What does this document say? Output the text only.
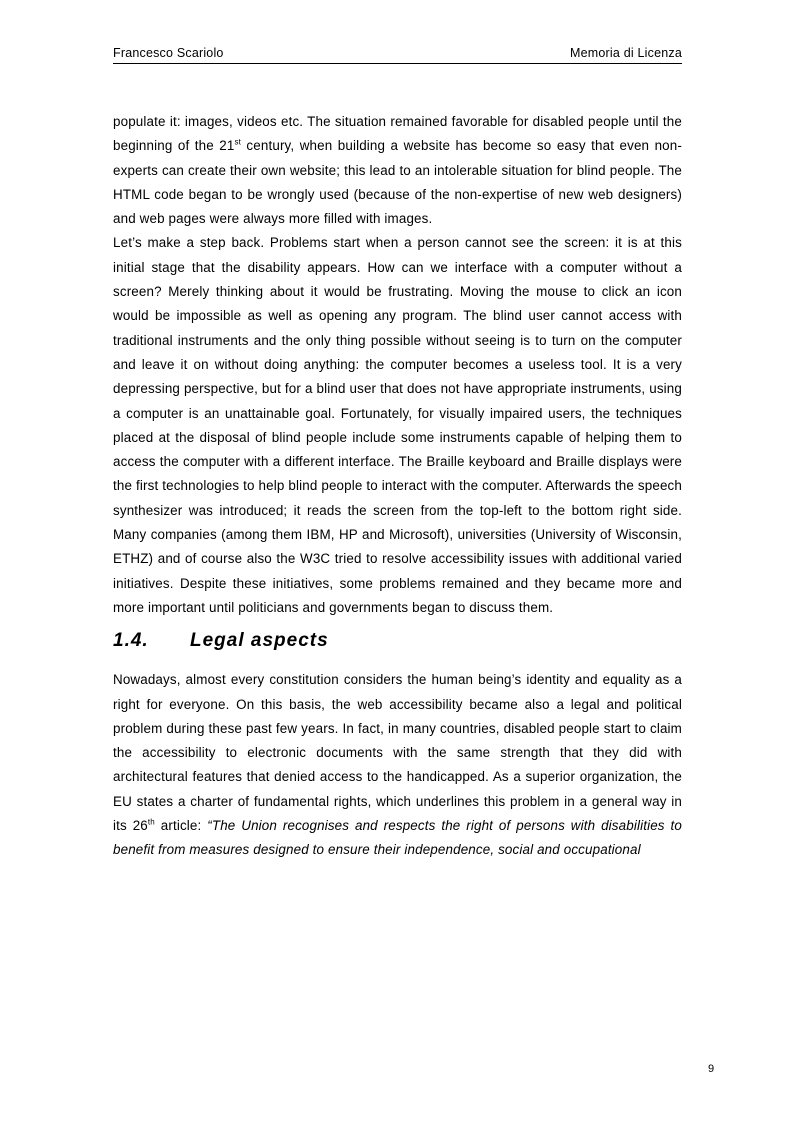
Francesco Scariolo	Memoria di Licenza

populate it: images, videos etc. The situation remained favorable for disabled people until the beginning of the 21st century, when building a website has become so easy that even non-experts can create their own website; this lead to an intolerable situation for blind people. The HTML code began to be wrongly used (because of the non-expertise of new web designers) and web pages were always more filled with images.

Let’s make a step back. Problems start when a person cannot see the screen: it is at this initial stage that the disability appears. How can we interface with a computer without a screen? Merely thinking about it would be frustrating. Moving the mouse to click an icon would be impossible as well as opening any program. The blind user cannot access with traditional instruments and the only thing possible without seeing is to turn on the computer and leave it on without doing anything: the computer becomes a useless tool. It is a very depressing perspective, but for a blind user that does not have appropriate instruments, using a computer is an unattainable goal. Fortunately, for visually impaired users, the techniques placed at the disposal of blind people include some instruments capable of helping them to access the computer with a different interface. The Braille keyboard and Braille displays were the first technologies to help blind people to interact with the computer. Afterwards the speech synthesizer was introduced; it reads the screen from the top-left to the bottom right side. Many companies (among them IBM, HP and Microsoft), universities (University of Wisconsin, ETHZ) and of course also the W3C tried to resolve accessibility issues with additional varied initiatives. Despite these initiatives, some problems remained and they became more and more important until politicians and governments began to discuss them.

1.4. Legal aspects

Nowadays, almost every constitution considers the human being’s identity and equality as a right for everyone. On this basis, the web accessibility became also a legal and political problem during these past few years. In fact, in many countries, disabled people start to claim the accessibility to electronic documents with the same strength that they did with architectural features that denied access to the handicapped. As a superior organization, the EU states a charter of fundamental rights, which underlines this problem in a general way in its 26th article: “The Union recognises and respects the right of persons with disabilities to benefit from measures designed to ensure their independence, social and occupational

9
